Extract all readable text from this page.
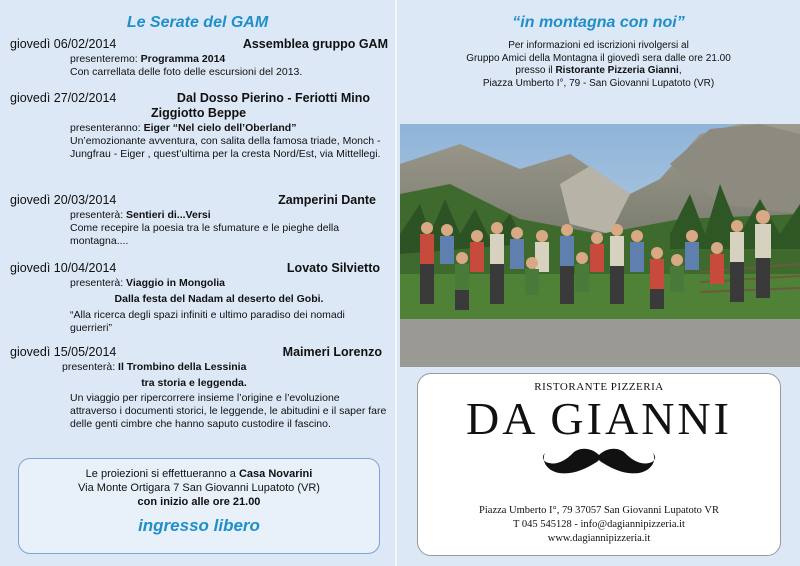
Le Serate del GAM
giovedì 06/02/2014	Assemblea gruppo GAM
presenteremo: Programma 2014
Con carrellata delle foto delle escursioni del 2013.
giovedì 27/02/2014	Dal Dosso Pierino - Feriotti Mino
Ziggiotto Beppe
presenteranno: Eiger “Nel cielo dell’Oberland”
Un’emozionante avventura, con salita della famosa triade, Monch - Jungfrau - Eiger , quest’ultima per la cresta Nord/Est, via Mittellegi.
giovedì 20/03/2014	Zamperini Dante
presenterà: Sentieri di...Versi
Come recepire la poesia tra le sfumature e le pieghe della montagna....
giovedì 10/04/2014	Lovato Silvietto
presenterà: Viaggio in Mongolia
Dalla festa del Nadam al deserto del Gobi.
“Alla ricerca degli spazi infiniti e ultimo paradiso dei nomadi guerrieri”
giovedì 15/05/2014	Maimeri Lorenzo
presenterà: Il Trombino della Lessinia
tra storia e leggenda.
Un viaggio per ripercorrere insieme l’origine e l’evoluzione attraverso i documenti storici, le leggende, le abitudini e il saper fare delle genti cimbre che hanno saputo custodire il fascino.
Le proiezioni si effettueranno a Casa Novarini
Via Monte Ortigara 7 San Giovanni Lupatoto (VR)
con inizio alle ore 21.00
ingresso libero
“in montagna con noi”
Per informazioni ed iscrizioni rivolgersi al
Gruppo Amici della Montagna il giovedì sera dalle ore 21.00
presso il Ristorante Pizzeria Gianni,
Piazza Umberto I°, 79 - San Giovanni Lupatoto (VR)
RISTORANTE PIZZERIA
DA GIANNI
Piazza Umberto I°, 79 37057 San Giovanni Lupatoto VR
T 045 545128 - info@dagiannipizzeria.it
www.dagiannipizzeria.it
